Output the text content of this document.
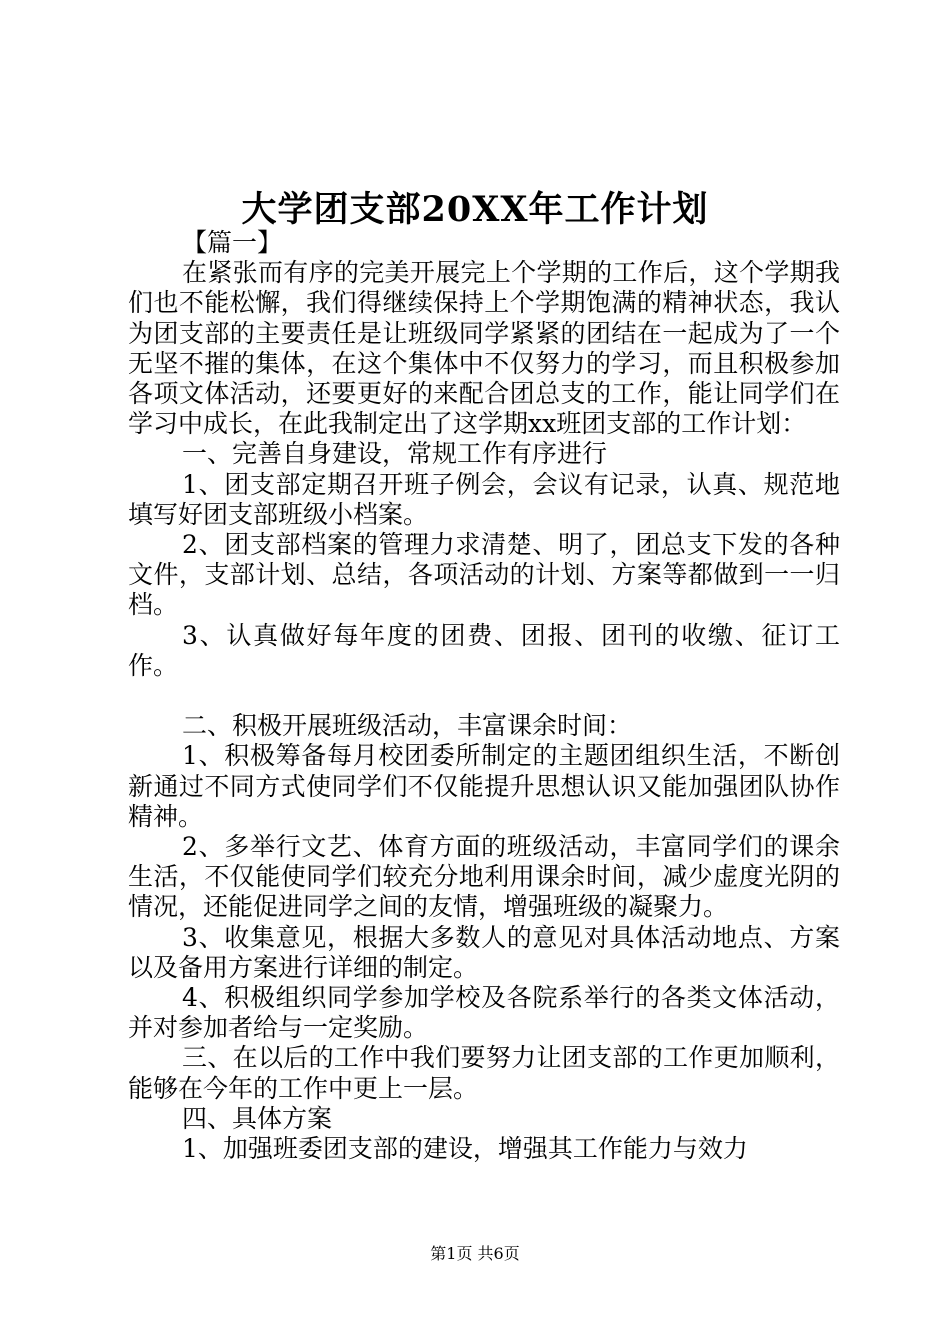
大学团支部20XX年工作计划

【篇一】

在紧张而有序的完美开展完上个学期的工作后，这个学期我们也不能松懈，我们得继续保持上个学期饱满的精神状态，我认为团支部的主要责任是让班级同学紧紧的团结在一起成为了一个无坚不摧的集体，在这个集体中不仅努力的学习，而且积极参加各项文体活动，还要更好的来配合团总支的工作，能让同学们在学习中成长，在此我制定出了这学期xx班团支部的工作计划：

一、完善自身建设，常规工作有序进行

1、团支部定期召开班子例会，会议有记录，认真、规范地填写好团支部班级小档案。

2、团支部档案的管理力求清楚、明了，团总支下发的各种文件，支部计划、总结，各项活动的计划、方案等都做到一一归档。

3、认真做好每年度的团费、团报、团刊的收缴、征订工作。

二、积极开展班级活动，丰富课余时间：

1、积极筹备每月校团委所制定的主题团组织生活，不断创新通过不同方式使同学们不仅能提升思想认识又能加强团队协作精神。

2、多举行文艺、体育方面的班级活动，丰富同学们的课余生活，不仅能使同学们较充分地利用课余时间，减少虚度光阴的情况，还能促进同学之间的友情，增强班级的凝聚力。

3、收集意见，根据大多数人的意见对具体活动地点、方案以及备用方案进行详细的制定。

4、积极组织同学参加学校及各院系举行的各类文体活动，并对参加者给与一定奖励。

三、在以后的工作中我们要努力让团支部的工作更加顺利，能够在今年的工作中更上一层。

四、具体方案

1、加强班委团支部的建设，增强其工作能力与效力

第1页 共6页
